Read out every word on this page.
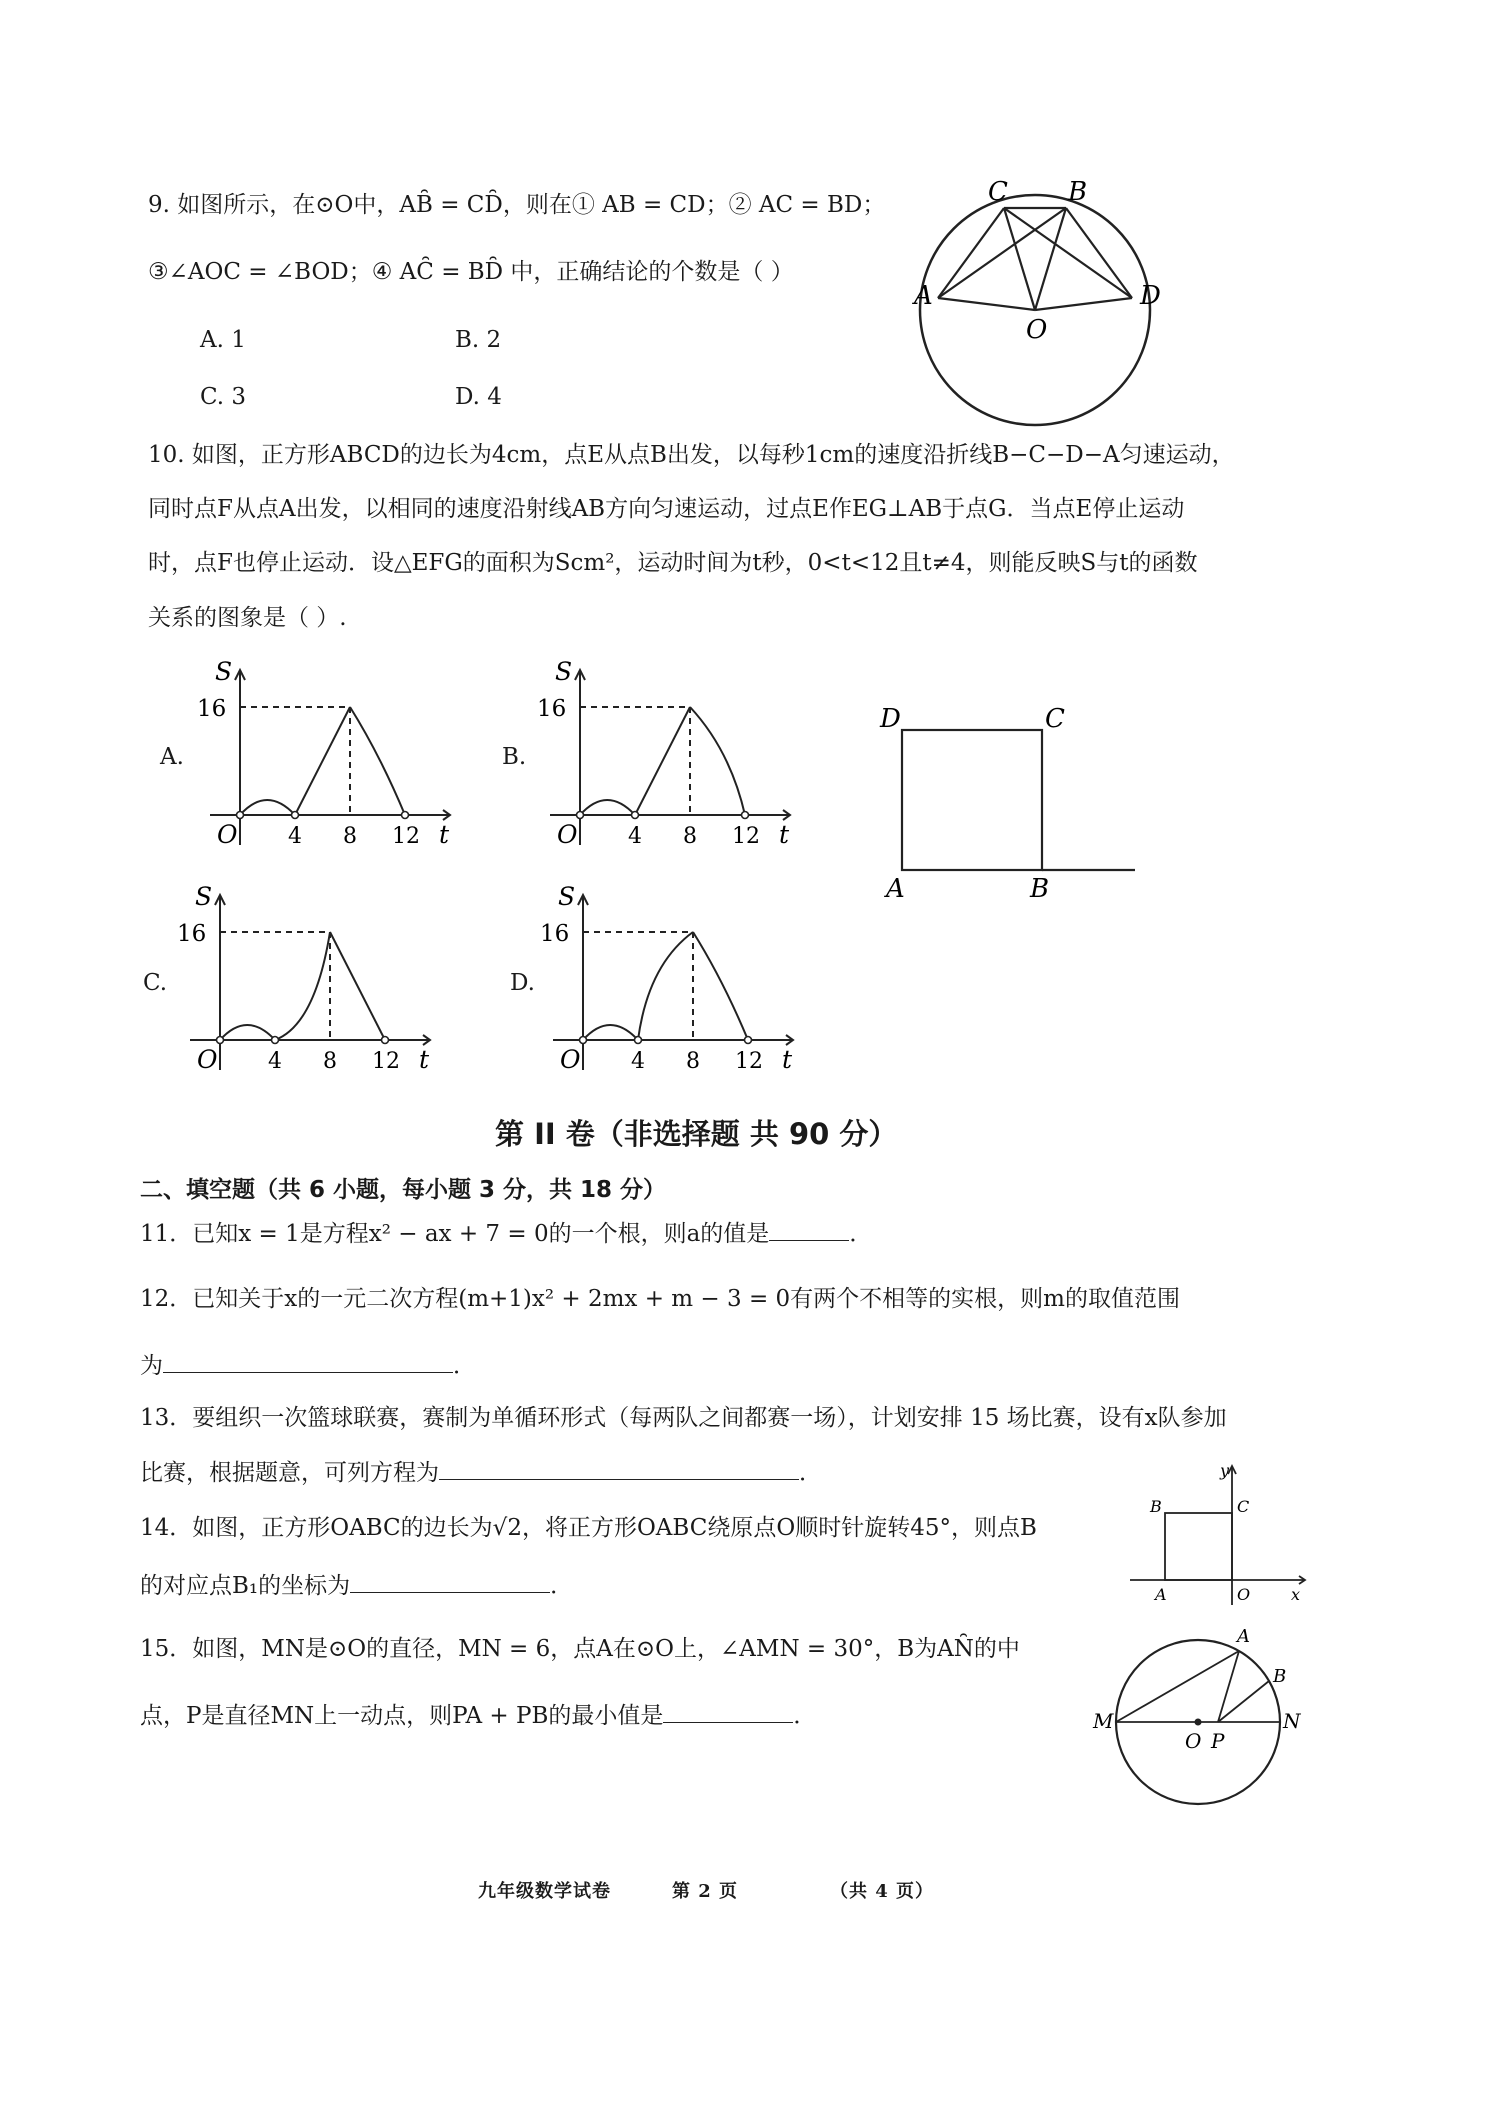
9. 如图所示，在⊙O中，AB̑ = CD̑，则在① AB = CD；② AC = BD；
③∠AOC = ∠BOD；④ AC̑ = BD̑ 中，正确结论的个数是（ ）
A. 1	B. 2
C. 3	D. 4
C B
A	D
O
10. 如图，正方形ABCD的边长为4cm，点E从点B出发，以每秒1cm的速度沿折线B−C−D−A匀速运动，
同时点F从点A出发，以相同的速度沿射线AB方向匀速运动，过点E作EG⊥AB于点G．当点E停止运动
时，点F也停止运动．设△EFG的面积为Scm²，运动时间为t秒，0<t<12且t≠4，则能反映S与t的函数
关系的图象是（ ）.
A.
S
16
O 4 8 12 t
B.
S
16
O 4 8 12 t
D	C
A	B
C.
S
16
O 4 8 12 t
D.
S
16
O 4 8 12 t
第 II 卷（非选择题 共 90 分）
二、填空题（共 6 小题，每小题 3 分，共 18 分）
11．已知x = 1是方程x² − ax + 7 = 0的一个根，则a的值是	．
12．已知关于x的一元二次方程(m+1)x² + 2mx + m − 3 = 0有两个不相等的实根，则m的取值范围
为	．
13．要组织一次篮球联赛，赛制为单循环形式（每两队之间都赛一场），计划安排 15 场比赛，设有x队参加
比赛，根据题意，可列方程为	．
14．如图，正方形OABC的边长为√2，将正方形OABC绕原点O顺时针旋转45°，则点B
的对应点B₁的坐标为	．
y
B	C
A	O	x
15．如图，MN是⊙O的直径，MN = 6，点A在⊙O上，∠AMN = 30°，B为AN̑的中
点，P是直径MN上一动点，则PA + PB的最小值是	．
A
B
M	N
O P
九年级数学试卷	第 2 页	（共 4 页）
